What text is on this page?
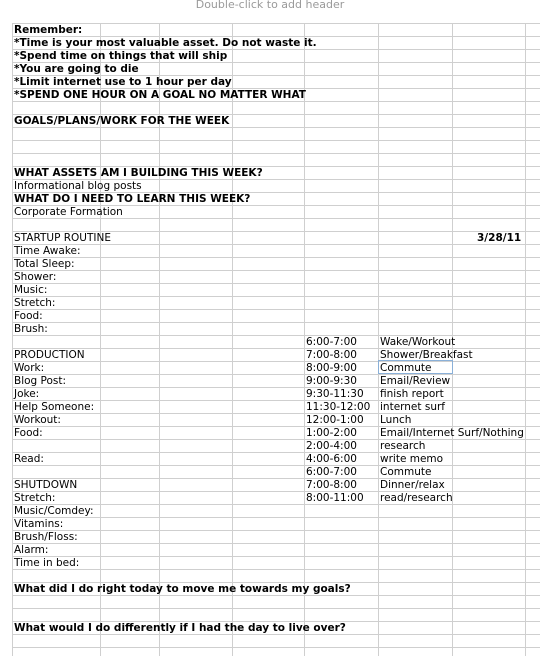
Double-click to add header
Remember:
*Time is your most valuable asset. Do not waste it.
*Spend time on things that will ship
*You are going to die
*Limit internet use to 1 hour per day
*SPEND ONE HOUR ON A GOAL NO MATTER WHAT
GOALS/PLANS/WORK FOR THE WEEK
WHAT ASSETS AM I BUILDING THIS WEEK?
Informational blog posts
WHAT DO I NEED TO LEARN THIS WEEK?
Corporate Formation
STARTUP ROUTINE	3/28/11
Time Awake:
Total Sleep:
Shower:
Music:
Stretch:
Food:
Brush:
PRODUCTION
Work:
Blog Post:
Joke:
Help Someone:
Workout:
Food:
Read:
SHUTDOWN
Stretch:
Music/Comdey:
Vitamins:
Brush/Floss:
Alarm:
Time in bed:
6:00-7:00 Wake/Workout
7:00-8:00 Shower/Breakfast
8:00-9:00 Commute
9:00-9:30 Email/Review
9:30-11:30 finish report
11:30-12:00 internet surf
12:00-1:00 Lunch
1:00-2:00 Email/Internet Surf/Nothing
2:00-4:00 research
4:00-6:00 write memo
6:00-7:00 Commute
7:00-8:00 Dinner/relax
8:00-11:00 read/research
What did I do right today to move me towards my goals?
What would I do differently if I had the day to live over?
